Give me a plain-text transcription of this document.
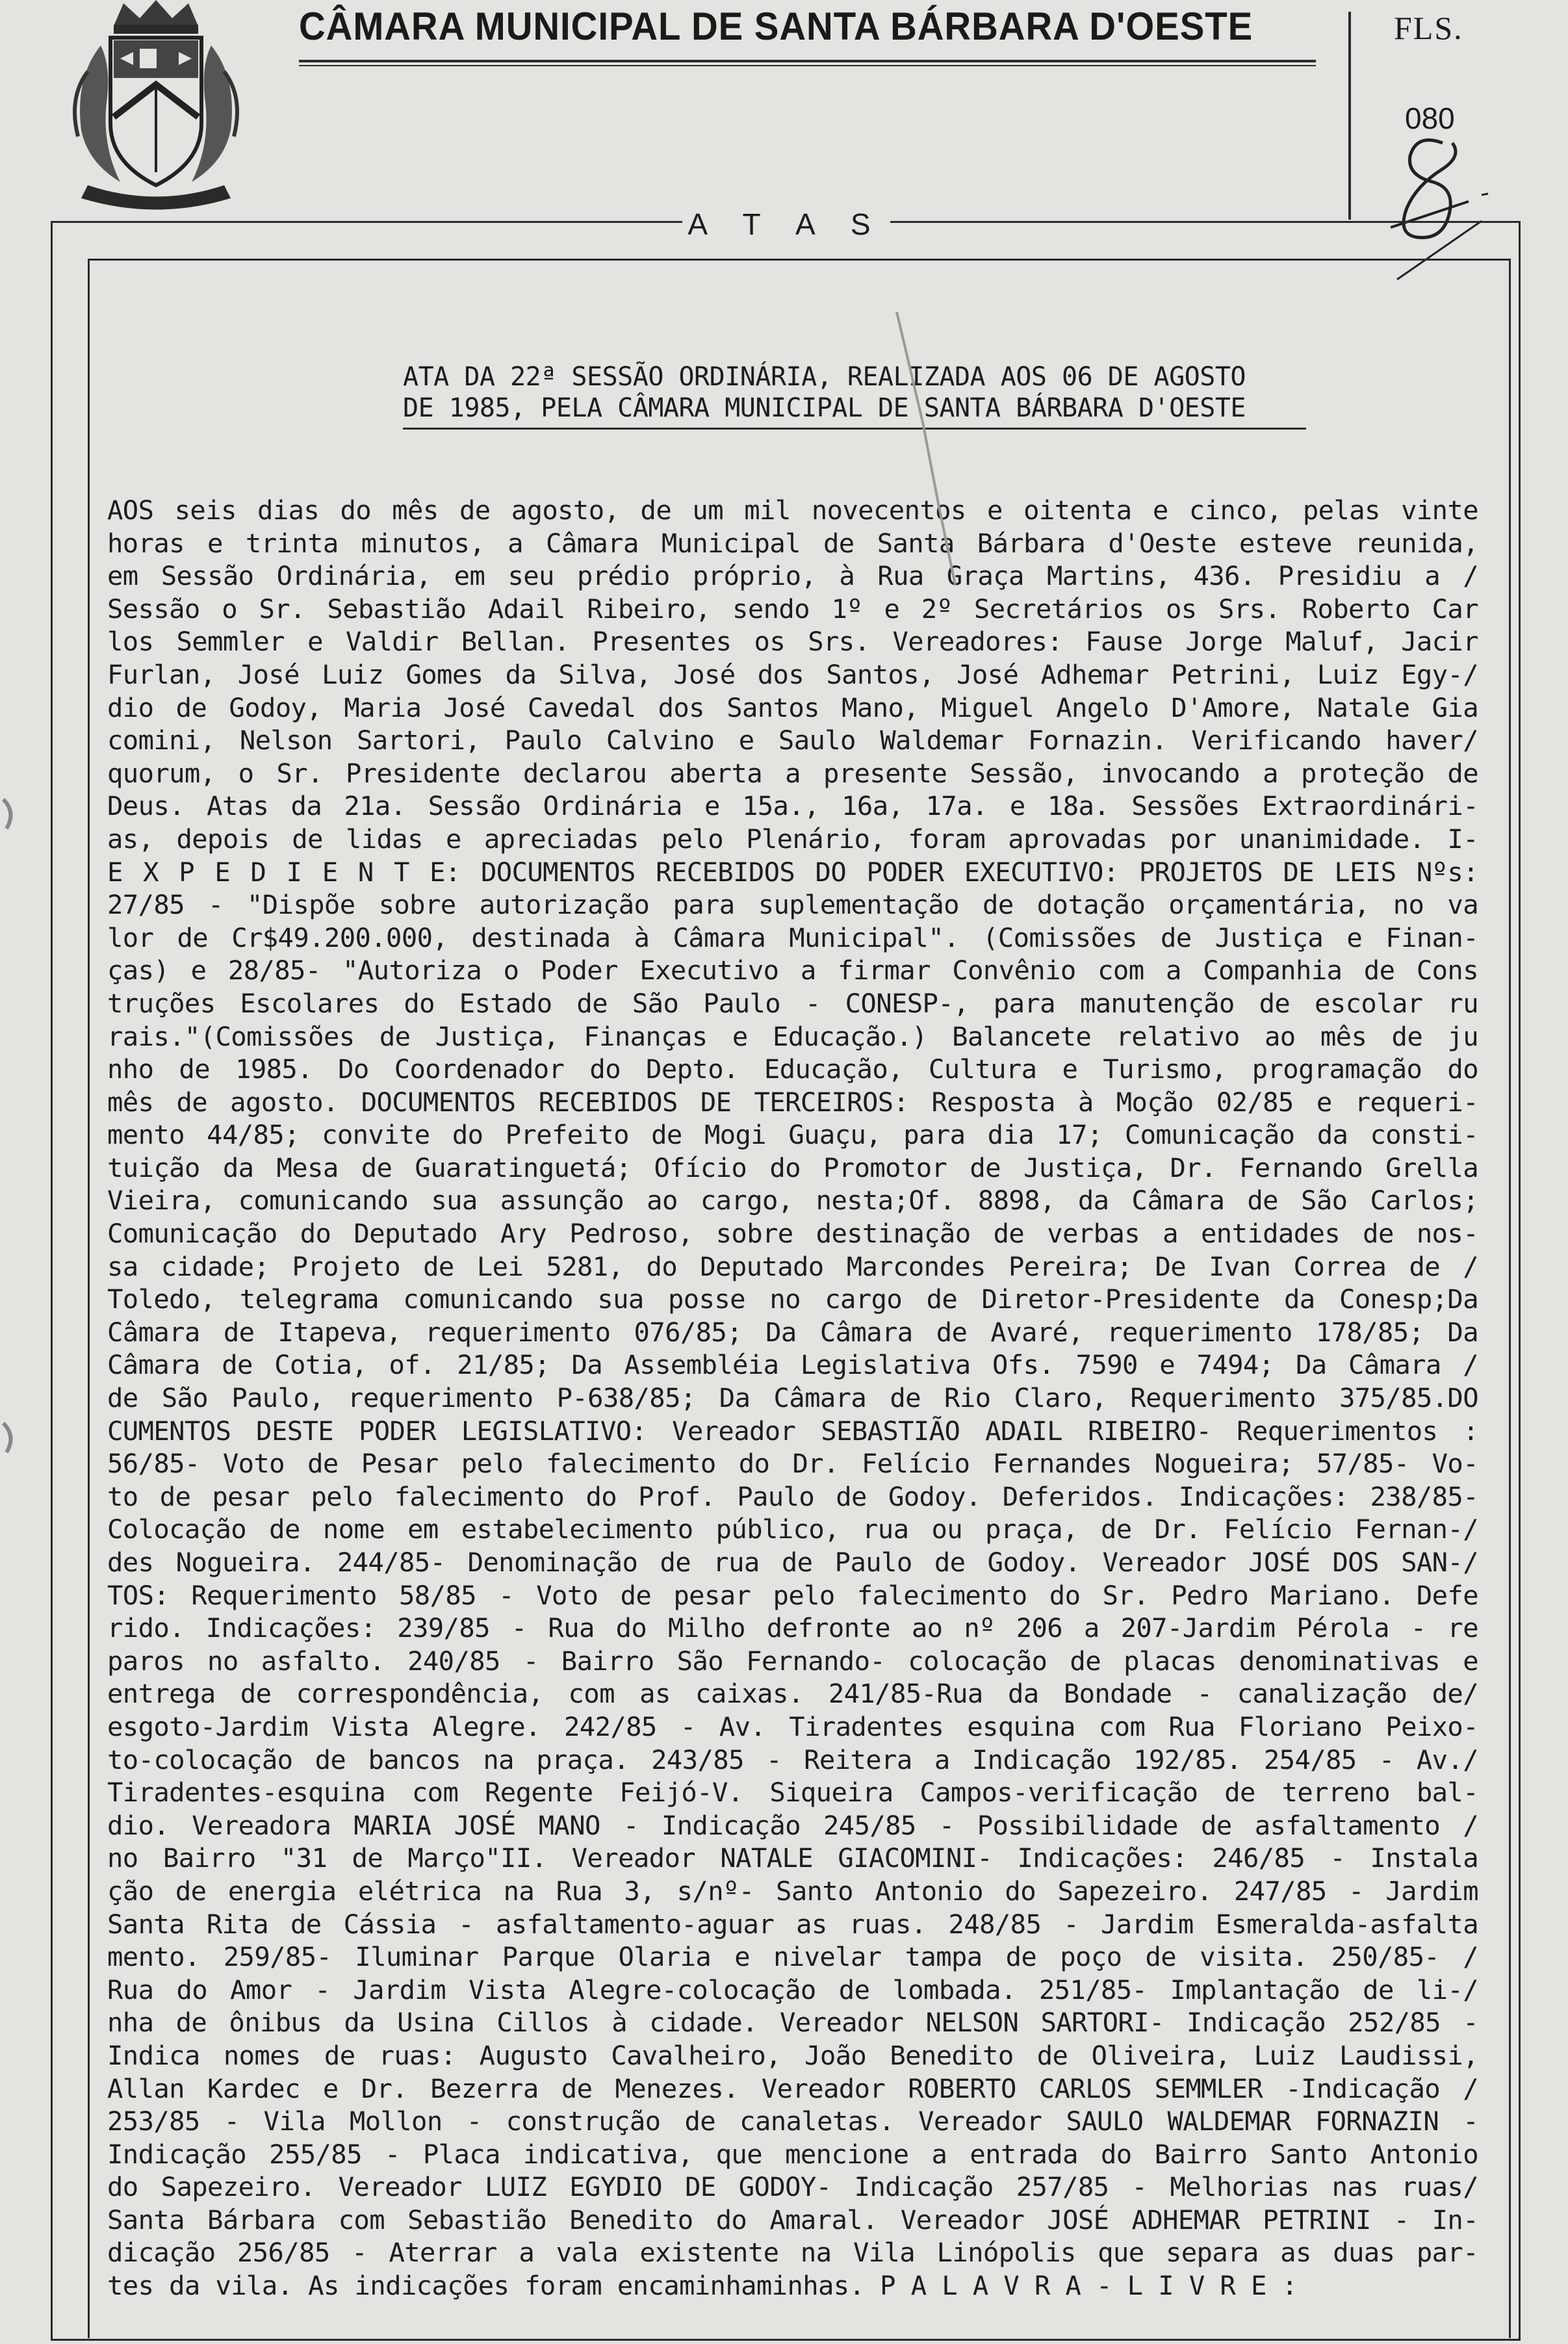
"""""""""""
CÂMARA MUNICIPAL DE SANTA BÁRBARA D'OESTE	FLS.
080
A T A S
ATA DA 22ª SESSÃO ORDINÁRIA, REALIZADA AOS 06 DE AGOSTO
DE 1985, PELA CÂMARA MUNICIPAL DE SANTA BÁRBARA D'OESTE
AOS seis dias do mês de agosto, de um mil novecentos e oitenta e cinco, pelas vinte
horas e trinta minutos, a Câmara Municipal de Santa Bárbara d'Oeste esteve reunida,
em Sessão Ordinária, em seu prédio próprio, à Rua Graça Martins, 436. Presidiu a /
Sessão o Sr. Sebastião Adail Ribeiro, sendo 1º e 2º Secretários os Srs. Roberto Car
los Semmler e Valdir Bellan. Presentes os Srs. Vereadores: Fause Jorge Maluf, Jacir
Furlan, José Luiz Gomes da Silva, José dos Santos, José Adhemar Petrini, Luiz Egy-/
dio de Godoy, Maria José Cavedal dos Santos Mano, Miguel Angelo D'Amore, Natale Gia
comini, Nelson Sartori, Paulo Calvino e Saulo Waldemar Fornazin. Verificando haver/
quorum, o Sr. Presidente declarou aberta a presente Sessão, invocando a proteção de
Deus. Atas da 21a. Sessão Ordinária e 15a., 16a, 17a. e 18a. Sessões Extraordinári-
as, depois de lidas e apreciadas pelo Plenário, foram aprovadas por unanimidade. I-
E X P E D I E N T E: DOCUMENTOS RECEBIDOS DO PODER EXECUTIVO: PROJETOS DE LEIS Nºs:
27/85 - "Dispõe sobre autorização para suplementação de dotação orçamentária, no va
lor de Cr$49.200.000, destinada à Câmara Municipal". (Comissões de Justiça e Finan-
ças) e 28/85- "Autoriza o Poder Executivo a firmar Convênio com a Companhia de Cons
truções Escolares do Estado de São Paulo - CONESP-, para manutenção de escolar ru
rais."(Comissões de Justiça, Finanças e Educação.) Balancete relativo ao mês de ju
nho de 1985. Do Coordenador do Depto. Educação, Cultura e Turismo, programação do
mês de agosto. DOCUMENTOS RECEBIDOS DE TERCEIROS: Resposta à Moção 02/85 e requeri-
mento 44/85; convite do Prefeito de Mogi Guaçu, para dia 17; Comunicação da consti-
tuição da Mesa de Guaratinguetá; Ofício do Promotor de Justiça, Dr. Fernando Grella
Vieira, comunicando sua assunção ao cargo, nesta;Of. 8898, da Câmara de São Carlos;
Comunicação do Deputado Ary Pedroso, sobre destinação de verbas a entidades de nos-
sa cidade; Projeto de Lei 5281, do Deputado Marcondes Pereira; De Ivan Correa de /
Toledo, telegrama comunicando sua posse no cargo de Diretor-Presidente da Conesp;Da
Câmara de Itapeva, requerimento 076/85; Da Câmara de Avaré, requerimento 178/85; Da
Câmara de Cotia, of. 21/85; Da Assembléia Legislativa Ofs. 7590 e 7494; Da Câmara /
de São Paulo, requerimento P-638/85; Da Câmara de Rio Claro, Requerimento 375/85.DO
CUMENTOS DESTE PODER LEGISLATIVO: Vereador SEBASTIÃO ADAIL RIBEIRO- Requerimentos :
56/85- Voto de Pesar pelo falecimento do Dr. Felício Fernandes Nogueira; 57/85- Vo-
to de pesar pelo falecimento do Prof. Paulo de Godoy. Deferidos. Indicações: 238/85-
Colocação de nome em estabelecimento público, rua ou praça, de Dr. Felício Fernan-/
des Nogueira. 244/85- Denominação de rua de Paulo de Godoy. Vereador JOSÉ DOS SAN-/
TOS: Requerimento 58/85 - Voto de pesar pelo falecimento do Sr. Pedro Mariano. Defe
rido. Indicações: 239/85 - Rua do Milho defronte ao nº 206 a 207-Jardim Pérola - re
paros no asfalto. 240/85 - Bairro São Fernando- colocação de placas denominativas e
entrega de correspondência, com as caixas. 241/85-Rua da Bondade - canalização de/
esgoto-Jardim Vista Alegre. 242/85 - Av. Tiradentes esquina com Rua Floriano Peixo-
to-colocação de bancos na praça. 243/85 - Reitera a Indicação 192/85. 254/85 - Av./
Tiradentes-esquina com Regente Feijó-V. Siqueira Campos-verificação de terreno bal-
dio. Vereadora MARIA JOSÉ MANO - Indicação 245/85 - Possibilidade de asfaltamento /
no Bairro "31 de Março"II. Vereador NATALE GIACOMINI- Indicações: 246/85 - Instala
ção de energia elétrica na Rua 3, s/nº- Santo Antonio do Sapezeiro. 247/85 - Jardim
Santa Rita de Cássia - asfaltamento-aguar as ruas. 248/85 - Jardim Esmeralda-asfalta
mento. 259/85- Iluminar Parque Olaria e nivelar tampa de poço de visita. 250/85- /
Rua do Amor - Jardim Vista Alegre-colocação de lombada. 251/85- Implantação de li-/
nha de ônibus da Usina Cillos à cidade. Vereador NELSON SARTORI- Indicação 252/85 -
Indica nomes de ruas: Augusto Cavalheiro, João Benedito de Oliveira, Luiz Laudissi,
Allan Kardec e Dr. Bezerra de Menezes. Vereador ROBERTO CARLOS SEMMLER -Indicação /
253/85 - Vila Mollon - construção de canaletas. Vereador SAULO WALDEMAR FORNAZIN -
Indicação 255/85 - Placa indicativa, que mencione a entrada do Bairro Santo Antonio
do Sapezeiro. Vereador LUIZ EGYDIO DE GODOY- Indicação 257/85 - Melhorias nas ruas/
Santa Bárbara com Sebastião Benedito do Amaral. Vereador JOSÉ ADHEMAR PETRINI - In-
dicação 256/85 - Aterrar a vala existente na Vila Linópolis que separa as duas par-
tes da vila. As indicações foram encaminhaminhas. P A L A V R A - L I V R E :
